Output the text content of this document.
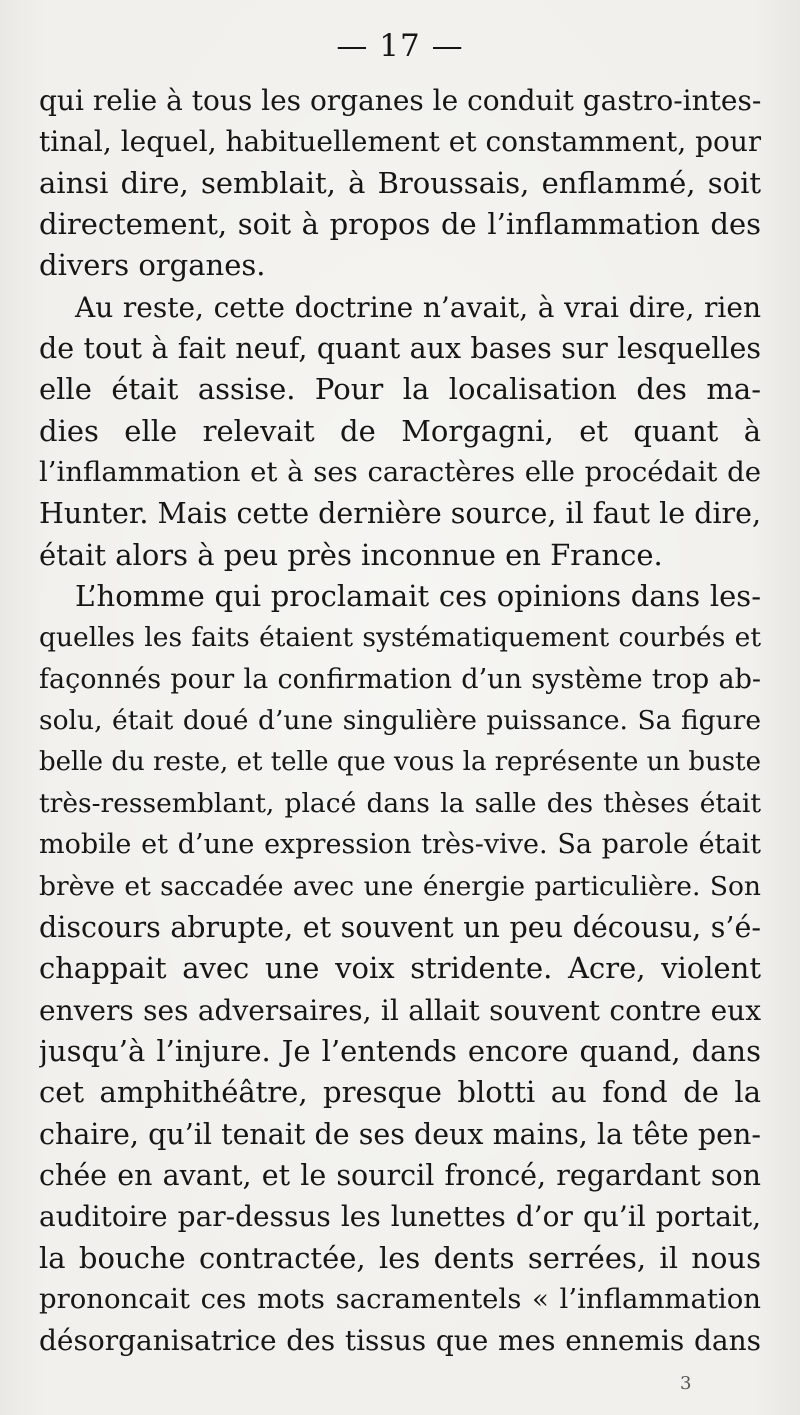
— 17 —
qui relie à tous les organes le conduit gastro-intes-
tinal, lequel, habituellement et constamment, pour
ainsi dire, semblait, à Broussais, enflammé, soit
directement, soit à propos de l’inflammation des
divers organes.
Au reste, cette doctrine n’avait, à vrai dire, rien
de tout à fait neuf, quant aux bases sur lesquelles
elle était assise. Pour la localisation des ma-
dies elle relevait de Morgagni, et quant à
l’inflammation et à ses caractères elle procédait de
Hunter. Mais cette dernière source, il faut le dire,
était alors à peu près inconnue en France.
L’homme qui proclamait ces opinions dans les-
quelles les faits étaient systématiquement courbés et
façonnés pour la confirmation d’un système trop ab-
solu, était doué d’une singulière puissance. Sa figure
belle du reste, et telle que vous la représente un buste
très-ressemblant, placé dans la salle des thèses était
mobile et d’une expression très-vive. Sa parole était
brève et saccadée avec une énergie particulière. Son
discours abrupte, et souvent un peu décousu, s’é-
chappait avec une voix stridente. Acre, violent
envers ses adversaires, il allait souvent contre eux
jusqu’à l’injure. Je l’entends encore quand, dans
cet amphithéâtre, presque blotti au fond de la
chaire, qu’il tenait de ses deux mains, la tête pen-
chée en avant, et le sourcil froncé, regardant son
auditoire par-dessus les lunettes d’or qu’il portait,
la bouche contractée, les dents serrées, il nous
prononcait ces mots sacramentels « l’inflammation
désorganisatrice des tissus que mes ennemis dans
3
